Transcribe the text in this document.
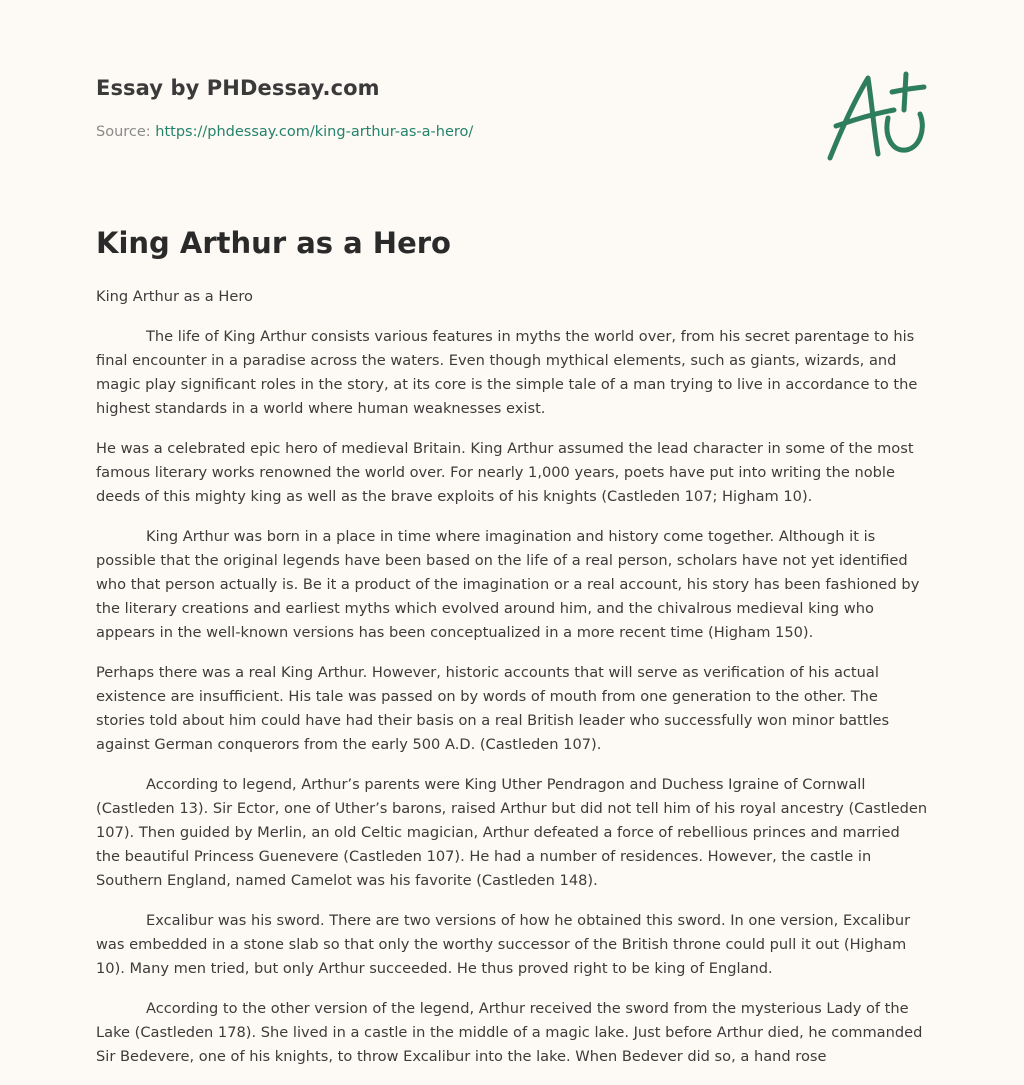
Essay by PHDessay.com

Source: https://phdessay.com/king-arthur-as-a-hero/

King Arthur as a Hero

King Arthur as a Hero

The life of King Arthur consists various features in myths the world over, from his secret parentage to his final encounter in a paradise across the waters. Even though mythical elements, such as giants, wizards, and magic play significant roles in the story, at its core is the simple tale of a man trying to live in accordance to the highest standards in a world where human weaknesses exist.

He was a celebrated epic hero of medieval Britain. King Arthur assumed the lead character in some of the most famous literary works renowned the world over. For nearly 1,000 years, poets have put into writing the noble deeds of this mighty king as well as the brave exploits of his knights (Castleden 107; Higham 10).

King Arthur was born in a place in time where imagination and history come together. Although it is possible that the original legends have been based on the life of a real person, scholars have not yet identified who that person actually is. Be it a product of the imagination or a real account, his story has been fashioned by the literary creations and earliest myths which evolved around him, and the chivalrous medieval king who appears in the well-known versions has been conceptualized in a more recent time (Higham 150).

Perhaps there was a real King Arthur. However, historic accounts that will serve as verification of his actual existence are insufficient. His tale was passed on by words of mouth from one generation to the other. The stories told about him could have had their basis on a real British leader who successfully won minor battles against German conquerors from the early 500 A.D. (Castleden 107).

According to legend, Arthur’s parents were King Uther Pendragon and Duchess Igraine of Cornwall (Castleden 13). Sir Ector, one of Uther’s barons, raised Arthur but did not tell him of his royal ancestry (Castleden 107). Then guided by Merlin, an old Celtic magician, Arthur defeated a force of rebellious princes and married the beautiful Princess Guenevere (Castleden 107). He had a number of residences. However, the castle in Southern England, named Camelot was his favorite (Castleden 148).

Excalibur was his sword. There are two versions of how he obtained this sword. In one version, Excalibur was embedded in a stone slab so that only the worthy successor of the British throne could pull it out (Higham 10). Many men tried, but only Arthur succeeded. He thus proved right to be king of England.

According to the other version of the legend, Arthur received the sword from the mysterious Lady of the Lake (Castleden 178). She lived in a castle in the middle of a magic lake. Just before Arthur died, he commanded Sir Bedevere, one of his knights, to throw Excalibur into the lake. When Bedever did so, a hand rose
